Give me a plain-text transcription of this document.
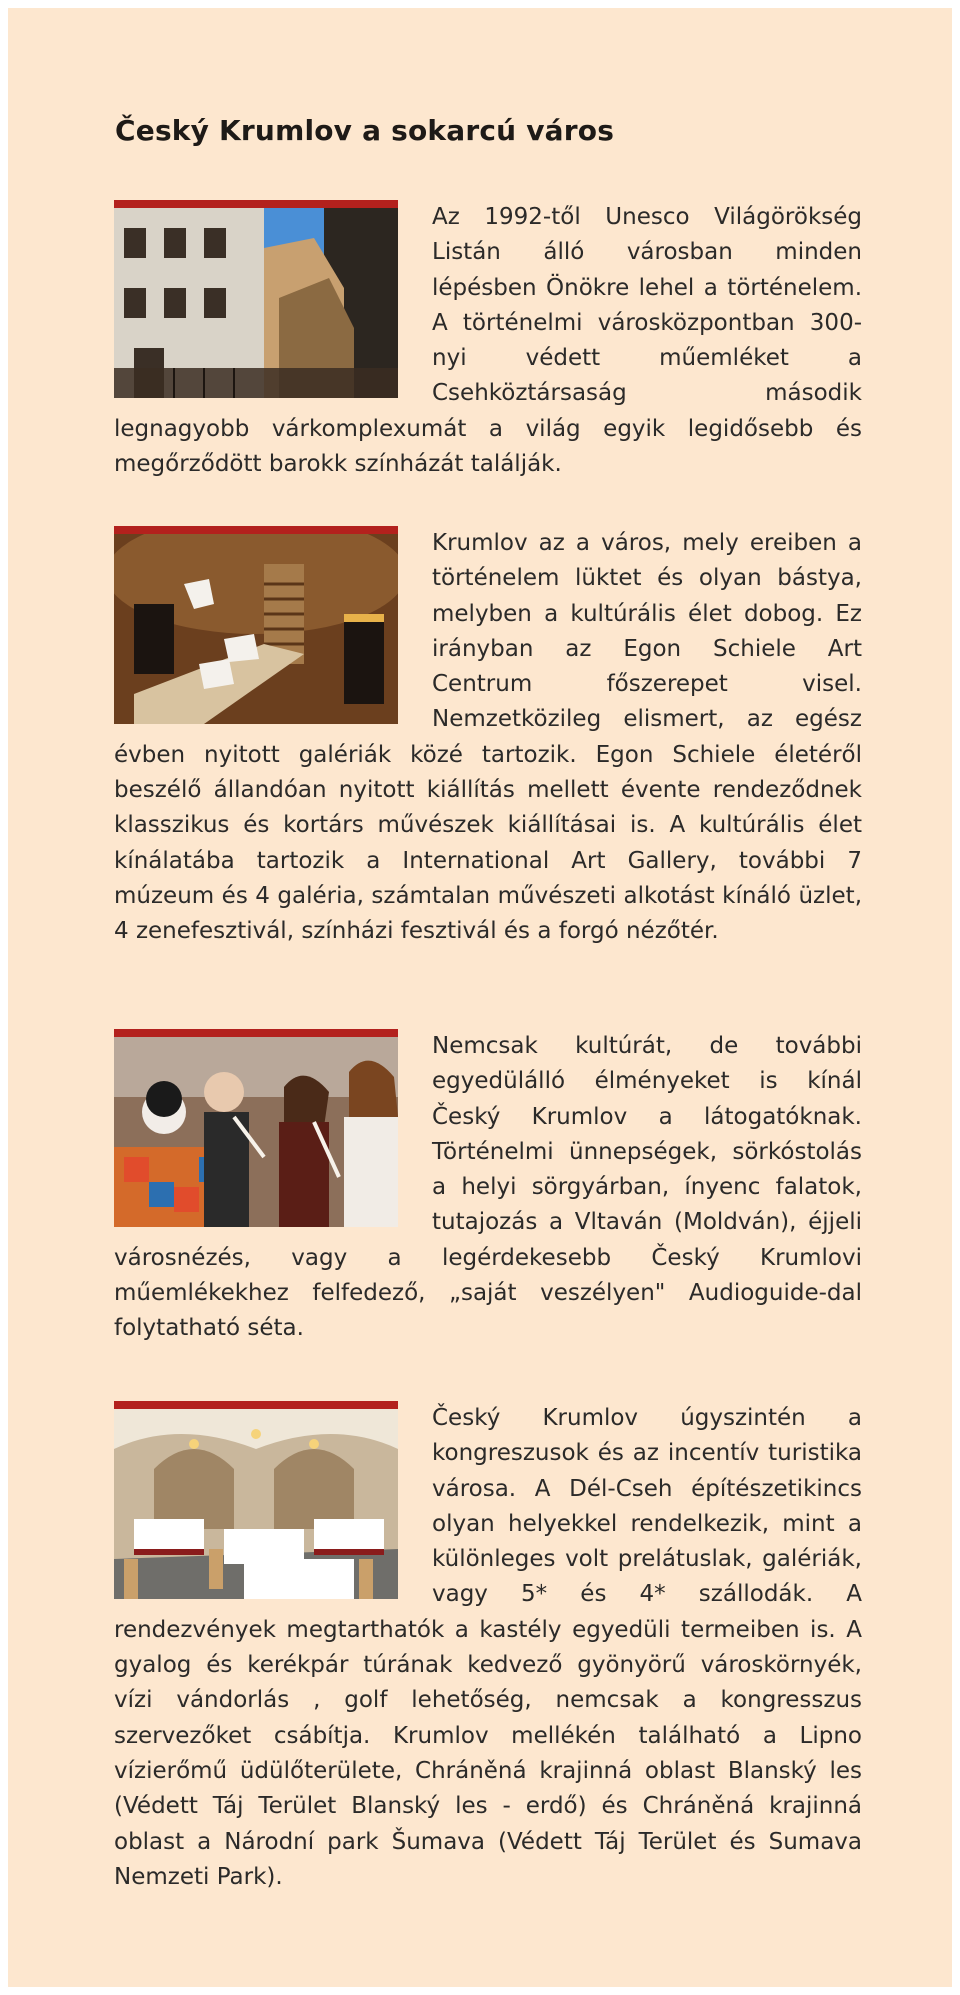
Český Krumlov a sokarcú város

Az 1992-től Unesco Világörökség Listán álló városban minden lépésben Önökre lehel a történelem. A történelmi városközpontban 300-nyi védett műemléket a Csehköztársaság második legnagyobb várkomplexumát a világ egyik legidősebb és megőrződött barokk színházát találják.

Krumlov az a város, mely ereiben a történelem lüktet és olyan bástya, melyben a kultúrális élet dobog. Ez irányban az Egon Schiele Art Centrum főszerepet visel. Nemzetközileg elismert, az egész évben nyitott galériák közé tartozik. Egon Schiele életéről beszélő állandóan nyitott kiállítás mellett évente rendeződnek klasszikus és kortárs művészek kiállításai is. A kultúrális élet kínálatába tartozik a International Art Gallery, további 7 múzeum és 4 galéria, számtalan művészeti alkotást kínáló üzlet, 4 zenefesztivál, színházi fesztivál és a forgó nézőtér.

Nemcsak kultúrát, de további egyedülálló élményeket is kínál Český Krumlov a látogatóknak. Történelmi ünnepségek, sörkóstolás a helyi sörgyárban, ínyenc falatok, tutajozás a Vltaván (Moldván), éjjeli városnézés, vagy a legérdekesebb Český Krumlovi műemlékekhez felfedező, „saját veszélyen" Audioguide-dal folytatható séta.

Český Krumlov úgyszintén a kongreszusok és az incentív turistika városa. A Dél-Cseh építészetikincs olyan helyekkel rendelkezik, mint a különleges volt prelátuslak, galériák, vagy 5* és 4* szállodák. A rendezvények megtarthatók a kastély egyedüli termeiben is. A gyalog és kerékpár túrának kedvező gyönyörű városkörnyék, vízi vándorlás , golf lehetőség, nemcsak a kongresszus szervezőket csábítja. Krumlov mellékén található a Lipno vízierőmű üdülőterülete, Chráněná krajinná oblast Blanský les (Védett Táj Terület Blanský les - erdő) és Chráněná krajinná oblast a Národní park Šumava (Védett Táj Terület és Sumava Nemzeti Park).
